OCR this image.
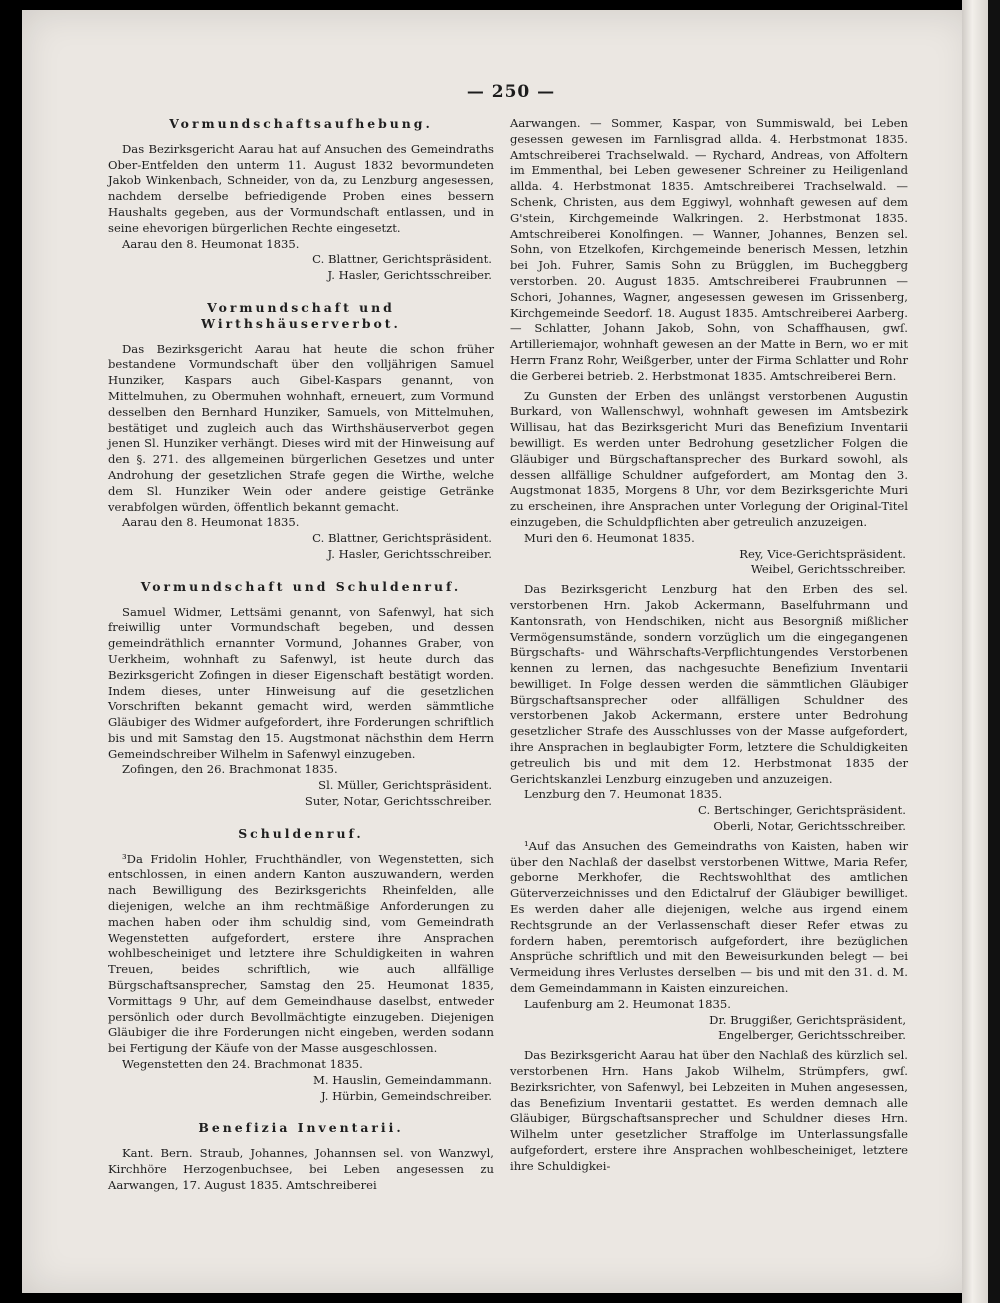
— 250 —
Vormundschaftsaufhebung.

Das Bezirksgericht Aarau hat auf Ansuchen des Gemeindraths Ober-Entfelden den unterm 11. August 1832 bevormundeten Jakob Winkenbach, Schneider, von da, zu Lenzburg angesessen, nachdem derselbe befriedigende Proben eines bessern Haushalts gegeben, aus der Vormundschaft entlassen, und in seine ehevorigen bürgerlichen Rechte eingesetzt.

Aarau den 8. Heumonat 1835.

C. Blattner, Gerichtspräsident.

J. Hasler, Gerichtsschreiber.

Vormundschaft und Wirthshäuserverbot.

Das Bezirksgericht Aarau hat heute die schon früher bestandene Vormundschaft über den volljährigen Samuel Hunziker, Kaspars auch Gibel-Kaspars genannt, von Mittelmuhen, zu Obermuhen wohnhaft, erneuert, zum Vormund desselben den Bernhard Hunziker, Samuels, von Mittelmuhen, bestätiget und zugleich auch das Wirthshäuserverbot gegen jenen Sl. Hunziker verhängt. Dieses wird mit der Hinweisung auf den §. 271. des allgemeinen bürgerlichen Gesetzes und unter Androhung der gesetzlichen Strafe gegen die Wirthe, welche dem Sl. Hunziker Wein oder andere geistige Getränke verabfolgen würden, öffentlich bekannt gemacht.

Aarau den 8. Heumonat 1835.

C. Blattner, Gerichtspräsident.

J. Hasler, Gerichtsschreiber.

Vormundschaft und Schuldenruf.

Samuel Widmer, Lettsämi genannt, von Safenwyl, hat sich freiwillig unter Vormundschaft begeben, und dessen gemeindräthlich ernannter Vormund, Johannes Graber, von Uerkheim, wohnhaft zu Safenwyl, ist heute durch das Bezirksgericht Zofingen in dieser Eigenschaft bestätigt worden. Indem dieses, unter Hinweisung auf die gesetzlichen Vorschriften bekannt gemacht wird, werden sämmtliche Gläubiger des Widmer aufgefordert, ihre Forderungen schriftlich bis und mit Samstag den 15. Augstmonat nächsthin dem Herrn Gemeindschreiber Wilhelm in Safenwyl einzugeben.

Zofingen, den 26. Brachmonat 1835.

Sl. Müller, Gerichtspräsident.

Suter, Notar, Gerichtsschreiber.

Schuldenruf.

³Da Fridolin Hohler, Fruchthändler, von Wegenstetten, sich entschlossen, in einen andern Kanton auszuwandern, werden nach Bewilligung des Bezirksgerichts Rheinfelden, alle diejenigen, welche an ihm rechtmäßige Anforderungen zu machen haben oder ihm schuldig sind, vom Gemeindrath Wegenstetten aufgefordert, erstere ihre Ansprachen wohlbescheiniget und letztere ihre Schuldigkeiten in wahren Treuen, beides schriftlich, wie auch allfällige Bürgschaftsansprecher, Samstag den 25. Heumonat 1835, Vormittags 9 Uhr, auf dem Gemeindhause daselbst, entweder persönlich oder durch Bevollmächtigte einzugeben. Diejenigen Gläubiger die ihre Forderungen nicht eingeben, werden sodann bei Fertigung der Käufe von der Masse ausgeschlossen.

Wegenstetten den 24. Brachmonat 1835.

M. Hauslin, Gemeindammann.

J. Hürbin, Gemeindschreiber.

Benefizia Inventarii.

Kant. Bern. Straub, Johannes, Johannsen sel. von Wanzwyl, Kirchhöre Herzogenbuchsee, bei Leben angesessen zu Aarwangen, 17. August 1835. Amtschreiberei

Aarwangen. — Sommer, Kaspar, von Summiswald, bei Leben gesessen gewesen im Farnlisgrad allda. 4. Herbstmonat 1835. Amtschreiberei Trachselwald. — Rychard, Andreas, von Affoltern im Emmenthal, bei Leben gewesener Schreiner zu Heiligenland allda. 4. Herbstmonat 1835. Amtschreiberei Trachselwald. — Schenk, Christen, aus dem Eggiwyl, wohnhaft gewesen auf dem G'stein, Kirchgemeinde Walkringen. 2. Herbstmonat 1835. Amtschreiberei Konolfingen. — Wanner, Johannes, Benzen sel. Sohn, von Etzelkofen, Kirchgemeinde benerisch Messen, letzhin bei Joh. Fuhrer, Samis Sohn zu Brügglen, im Bucheggberg verstorben. 20. August 1835. Amtschreiberei Fraubrunnen — Schori, Johannes, Wagner, angesessen gewesen im Grissenberg, Kirchgemeinde Seedorf. 18. August 1835. Amtschreiberei Aarberg. — Schlatter, Johann Jakob, Sohn, von Schaffhausen, gwſ. Artilleriemajor, wohnhaft gewesen an der Matte in Bern, wo er mit Herrn Franz Rohr, Weißgerber, unter der Firma Schlatter und Rohr die Gerberei betrieb. 2. Herbstmonat 1835. Amtschreiberei Bern.

Zu Gunsten der Erben des unlängst verstorbenen Augustin Burkard, von Wallenschwyl, wohnhaft gewesen im Amtsbezirk Willisau, hat das Bezirksgericht Muri das Benefizium Inventarii bewilligt. Es werden unter Bedrohung gesetzlicher Folgen die Gläubiger und Bürgschaftansprecher des Burkard sowohl, als dessen allfällige Schuldner aufgefordert, am Montag den 3. Augstmonat 1835, Morgens 8 Uhr, vor dem Bezirksgerichte Muri zu erscheinen, ihre Ansprachen unter Vorlegung der Original-Titel einzugeben, die Schuldpflichten aber getreulich anzuzeigen.

Muri den 6. Heumonat 1835.

Rey, Vice-Gerichtspräsident.

Weibel, Gerichtsschreiber.

Das Bezirksgericht Lenzburg hat den Erben des sel. verstorbenen Hrn. Jakob Ackermann, Baselfuhrmann und Kantonsrath, von Hendschiken, nicht aus Besorgniß mißlicher Vermögensumstände, sondern vorzüglich um die eingegangenen Bürgschafts- und Währschafts-Verpflichtungendes Verstorbenen kennen zu lernen, das nachgesuchte Benefizium Inventarii bewilliget. In Folge dessen werden die sämmtlichen Gläubiger Bürgschaftsansprecher oder allfälligen Schuldner des verstorbenen Jakob Ackermann, erstere unter Bedrohung gesetzlicher Strafe des Ausschlusses von der Masse aufgefordert, ihre Ansprachen in beglaubigter Form, letztere die Schuldigkeiten getreulich bis und mit dem 12. Herbstmonat 1835 der Gerichtskanzlei Lenzburg einzugeben und anzuzeigen.

Lenzburg den 7. Heumonat 1835.

C. Bertschinger, Gerichtspräsident.

Oberli, Notar, Gerichtsschreiber.

¹Auf das Ansuchen des Gemeindraths von Kaisten, haben wir über den Nachlaß der daselbst verstorbenen Wittwe, Maria Refer, geborne Merkhofer, die Rechtswohlthat des amtlichen Güterverzeichnisses und den Edictalruf der Gläubiger bewilliget. Es werden daher alle diejenigen, welche aus irgend einem Rechtsgrunde an der Verlassenschaft dieser Refer etwas zu fordern haben, peremtorisch aufgefordert, ihre bezüglichen Ansprüche schriftlich und mit den Beweisurkunden belegt — bei Vermeidung ihres Verlustes derselben — bis und mit den 31. d. M. dem Gemeindammann in Kaisten einzureichen.

Laufenburg am 2. Heumonat 1835.

Dr. Bruggißer, Gerichtspräsident,

Engelberger, Gerichtsschreiber.

Das Bezirksgericht Aarau hat über den Nachlaß des kürzlich sel. verstorbenen Hrn. Hans Jakob Wilhelm, Strümpfers, gwſ. Bezirksrichter, von Safenwyl, bei Lebzeiten in Muhen angesessen, das Benefizium Inventarii gestattet. Es werden demnach alle Gläubiger, Bürgschaftsansprecher und Schuldner dieses Hrn. Wilhelm unter gesetzlicher Straffolge im Unterlassungsfalle aufgefordert, erstere ihre Ansprachen wohlbescheiniget, letztere ihre Schuldigkei-
